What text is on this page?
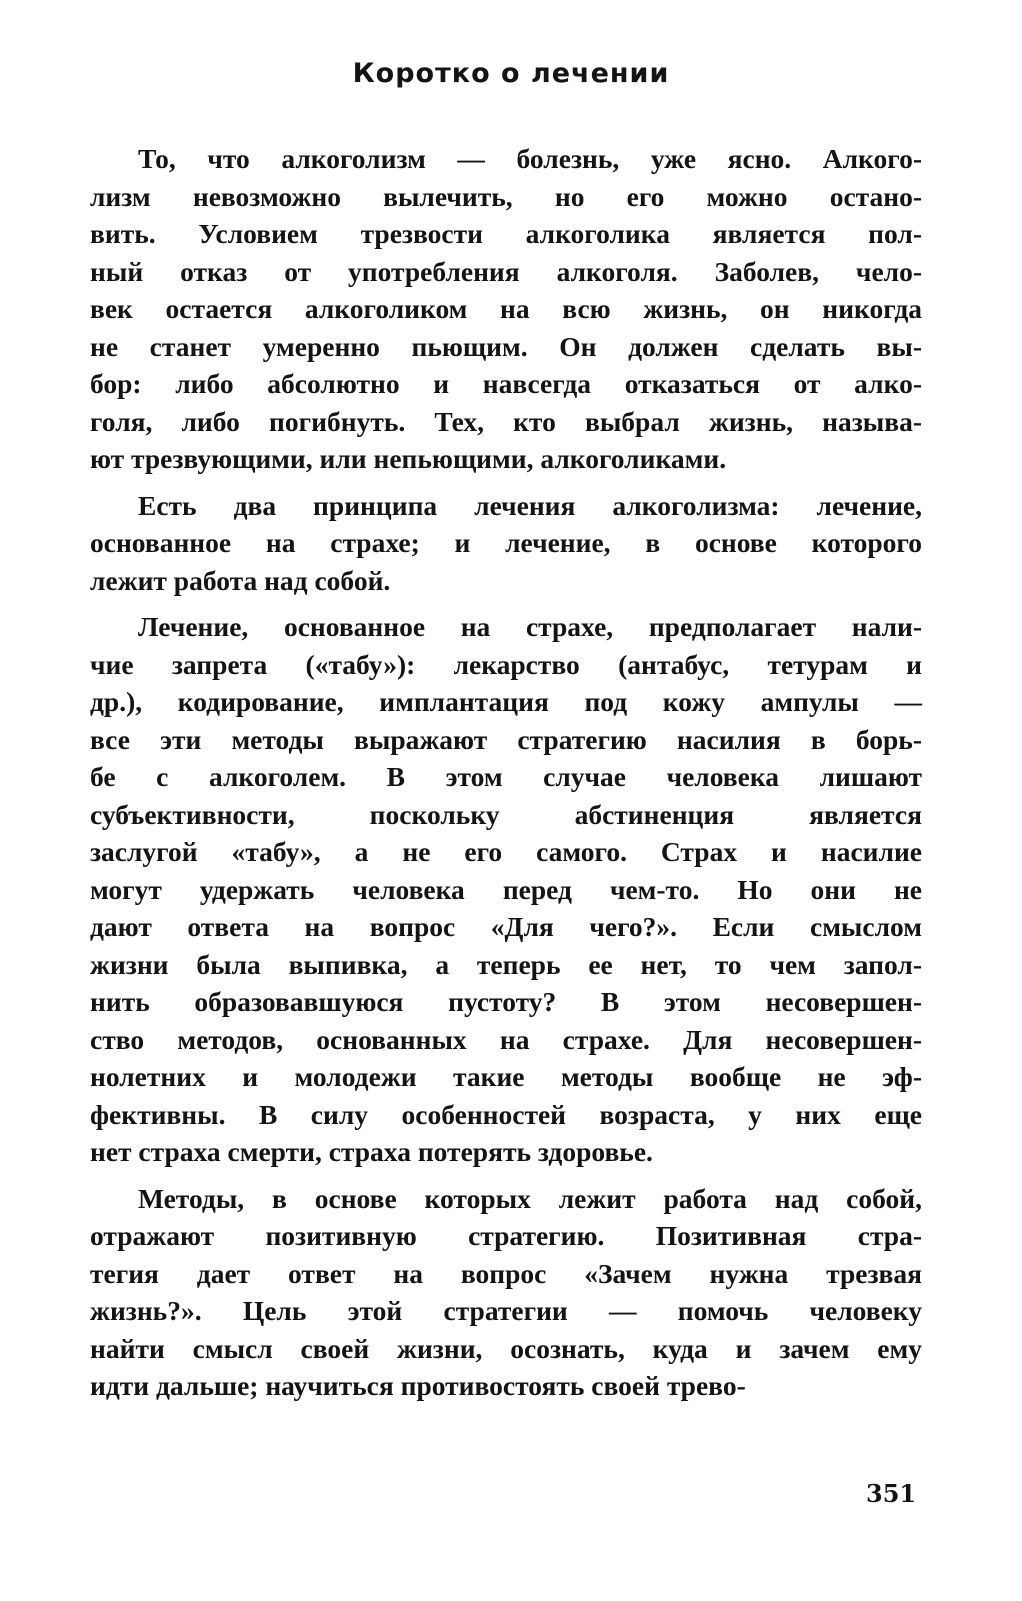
Коротко о лечении
То, что алкоголизм — болезнь, уже ясно. Алкого-
лизм невозможно вылечить, но его можно остано-
вить. Условием трезвости алкоголика является пол-
ный отказ от употребления алкоголя. Заболев, чело-
век остается алкоголиком на всю жизнь, он никогда
не станет умеренно пьющим. Он должен сделать вы-
бор: либо абсолютно и навсегда отказаться от алко-
голя, либо погибнуть. Тех, кто выбрал жизнь, называ-
ют трезвующими, или непьющими, алкоголиками.
Есть два принципа лечения алкоголизма: лечение,
основанное на страхе; и лечение, в основе которого
лежит работа над собой.
Лечение, основанное на страхе, предполагает нали-
чие запрета («табу»): лекарство (антабус, тетурам и
др.), кодирование, имплантация под кожу ампулы —
все эти методы выражают стратегию насилия в борь-
бе с алкоголем. В этом случае человека лишают
субъективности, поскольку абстиненция является
заслугой «табу», а не его самого. Страх и насилие
могут удержать человека перед чем-то. Но они не
дают ответа на вопрос «Для чего?». Если смыслом
жизни была выпивка, а теперь ее нет, то чем запол-
нить образовавшуюся пустоту? В этом несовершен-
ство методов, основанных на страхе. Для несовершен-
нолетних и молодежи такие методы вообще не эф-
фективны. В силу особенностей возраста, у них еще
нет страха смерти, страха потерять здоровье.
Методы, в основе которых лежит работа над собой,
отражают позитивную стратегию. Позитивная стра-
тегия дает ответ на вопрос «Зачем нужна трезвая
жизнь?». Цель этой стратегии — помочь человеку
найти смысл своей жизни, осознать, куда и зачем ему
идти дальше; научиться противостоять своей трево-
351
